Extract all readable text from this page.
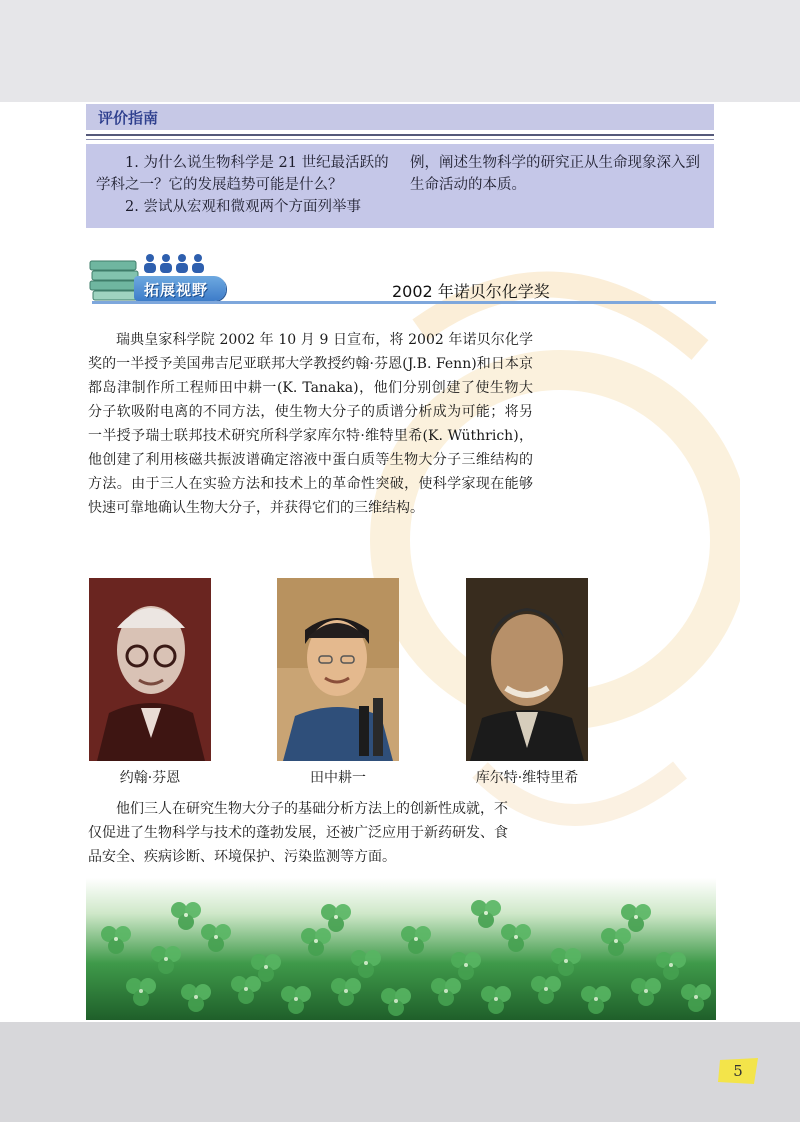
评价指南

1. 为什么说生物科学是 21 世纪最活跃的学科之一？它的发展趋势可能是什么？

2. 尝试从宏观和微观两个方面列举事

例，阐述生物科学的研究正从生命现象深入到生命活动的本质。

拓展视野	2002 年诺贝尔化学奖

瑞典皇家科学院 2002 年 10 月 9 日宣布，将 2002 年诺贝尔化学奖的一半授予美国弗吉尼亚联邦大学教授约翰·芬恩(J.B. Fenn)和日本京都岛津制作所工程师田中耕一(K. Tanaka)，他们分别创建了使生物大分子软吸附电离的不同方法，使生物大分子的质谱分析成为可能；将另一半授予瑞士联邦技术研究所科学家库尔特·维特里希(K. Wüthrich)，他创建了利用核磁共振波谱确定溶液中蛋白质等生物大分子三维结构的方法。由于三人在实验方法和技术上的革命性突破，使科学家现在能够快速可靠地确认生物大分子，并获得它们的三维结构。

约翰·芬恩	田中耕一	库尔特·维特里希

他们三人在研究生物大分子的基础分析方法上的创新性成就，不仅促进了生物科学与技术的蓬勃发展，还被广泛应用于新药研发、食品安全、疾病诊断、环境保护、污染监测等方面。

5
